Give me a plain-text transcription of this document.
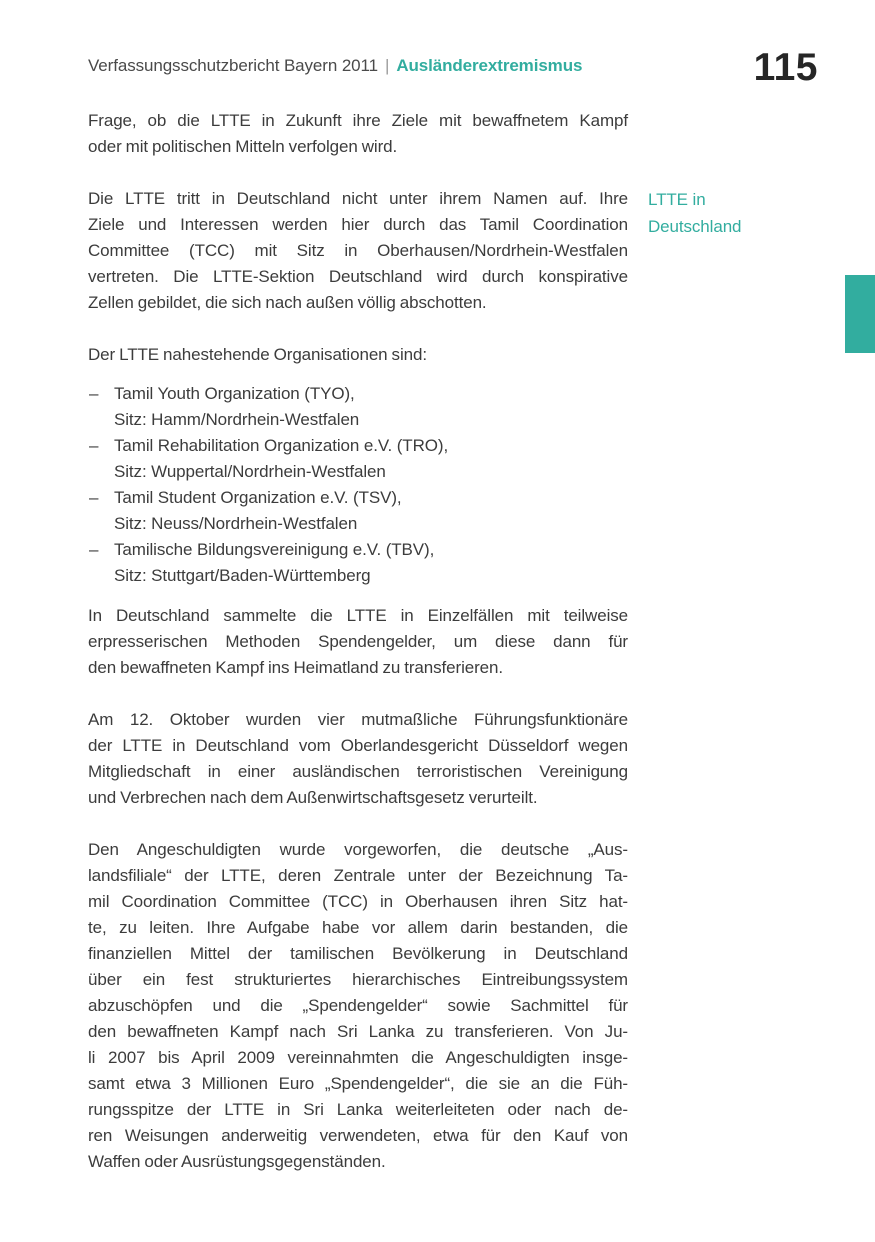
Verfassungsschutzbericht Bayern 2011 | Ausländerextremismus	115
Frage, ob die LTTE in Zukunft ihre Ziele mit bewaffnetem Kampf
oder mit politischen Mitteln verfolgen wird.
Die LTTE tritt in Deutschland nicht unter ihrem Namen auf. Ihre
Ziele und Interessen werden hier durch das Tamil Coordination
Committee (TCC) mit Sitz in Oberhausen/Nordrhein-Westfalen
vertreten. Die LTTE-Sektion Deutschland wird durch konspirative
Zellen gebildet, die sich nach außen völlig abschotten.
LTTE in
Deutschland
Der LTTE nahestehende Organisationen sind:
– Tamil Youth Organization (TYO),
Sitz: Hamm/Nordrhein-Westfalen
– Tamil Rehabilitation Organization e.V. (TRO),
Sitz: Wuppertal/Nordrhein-Westfalen
– Tamil Student Organization e.V. (TSV),
Sitz: Neuss/Nordrhein-Westfalen
– Tamilische Bildungsvereinigung e.V. (TBV),
Sitz: Stuttgart/Baden-Württemberg
In Deutschland sammelte die LTTE in Einzelfällen mit teilweise
erpresserischen Methoden Spendengelder, um diese dann für
den bewaffneten Kampf ins Heimatland zu transferieren.
Am 12. Oktober wurden vier mutmaßliche Führungsfunktionäre
der LTTE in Deutschland vom Oberlandesgericht Düsseldorf wegen
Mitgliedschaft in einer ausländischen terroristischen Vereinigung
und Verbrechen nach dem Außenwirtschaftsgesetz verurteilt.
Den Angeschuldigten wurde vorgeworfen, die deutsche „Aus-
landsfiliale“ der LTTE, deren Zentrale unter der Bezeichnung Ta-
mil Coordination Committee (TCC) in Oberhausen ihren Sitz hat-
te, zu leiten. Ihre Aufgabe habe vor allem darin bestanden, die
finanziellen Mittel der tamilischen Bevölkerung in Deutschland
über ein fest strukturiertes hierarchisches Eintreibungssystem
abzuschöpfen und die „Spendengelder“ sowie Sachmittel für
den bewaffneten Kampf nach Sri Lanka zu transferieren. Von Ju-
li 2007 bis April 2009 vereinnahmten die Angeschuldigten insge-
samt etwa 3 Millionen Euro „Spendengelder“, die sie an die Füh-
rungsspitze der LTTE in Sri Lanka weiterleiteten oder nach de-
ren Weisungen anderweitig verwendeten, etwa für den Kauf von
Waffen oder Ausrüstungsgegenständen.
